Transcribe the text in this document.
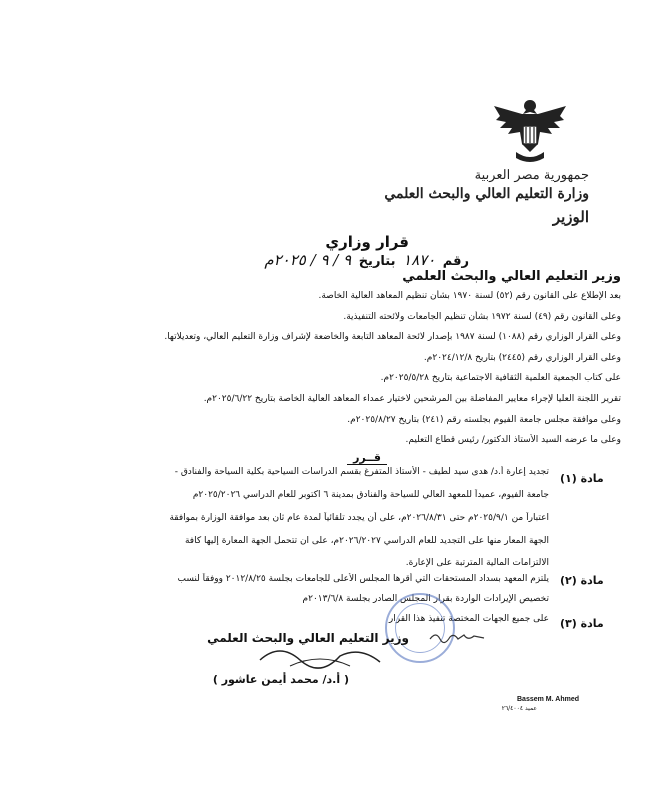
جمهورية مصر العربية
وزارة التعليم العالي والبحث العلمي
الوزير
قرار وزاري
رقم ١٨٧٠ بتاريخ ٩ / ٩ / ٢٠٢٥م
وزير التعليم العالي والبحث العلمي
بعد الإطلاع على القانون رقم (٥٢) لسنة ١٩٧٠ بشأن تنظيم المعاهد العالية الخاصة.
وعلى القانون رقم (٤٩) لسنة ١٩٧٢ بشأن تنظيم الجامعات ولائحته التنفيذية.
وعلى القرار الوزاري رقم (١٠٨٨) لسنة ١٩٨٧ بإصدار لائحة المعاهد التابعة والخاضعة لإشراف وزارة التعليم العالي، وتعديلاتها.
وعلى القرار الوزاري رقم (٢٤٤٥) بتاريخ ٢٠٢٤/١٢/٨م.
على كتاب الجمعية العلمية الثقافية الاجتماعية بتاريخ ٢٠٢٥/٥/٢٨م.
تقرير اللجنة العليا لإجراء معايير المفاضلة بين المرشحين لاختيار عمداء المعاهد العالية الخاصة بتاريخ ٢٠٢٥/٦/٢٢م.
وعلى موافقة مجلس جامعة الفيوم بجلسته رقم (٢٤١) بتاريخ ٢٠٢٥/٨/٢٧م.
وعلى ما عرضه السيد الأستاذ الدكتور/ رئيس قطاع التعليم.
قــرر
مادة (١)
تجديد إعارة أ.د/ هدى سيد لطيف - الأستاذ المتفرغ بقسم الدراسات السياحية بكلية السياحة والفنادق -
جامعة الفيوم، عميداً للمعهد العالي للسياحة والفنادق بمدينة ٦ اكتوبر للعام الدراسي ٢٠٢٥/٢٠٢٦م
اعتباراً من ٢٠٢٥/٩/١م حتى ٢٠٢٦/٨/٣١م، على أن يجدد تلقائياً لمدة عام ثان بعد موافقة الوزارة بموافقة
الجهة المعار منها على التجديد للعام الدراسي ٢٠٢٦/٢٠٢٧م، على ان تتحمل الجهة المعارة إليها كافة
الالتزامات المالية المترتبة على الإعارة.
مادة (٢)
يلتزم المعهد بسداد المستحقات التي أقرها المجلس الأعلى للجامعات بجلسة ٢٠١٢/٨/٢٥ ووفقاً لنسب
تخصيص الإيرادات الواردة بقرار المجلس الصادر بجلسة ٢٠١٣/٦/٨م
مادة (٣)
على جميع الجهات المختصة تنفيذ هذا القرار
وزير التعليم العالي والبحث العلمي
( أ.د/ محمد أيمن عاشور )
Bassem M. Ahmed
عميد ٢٦/٤٠٠٤
